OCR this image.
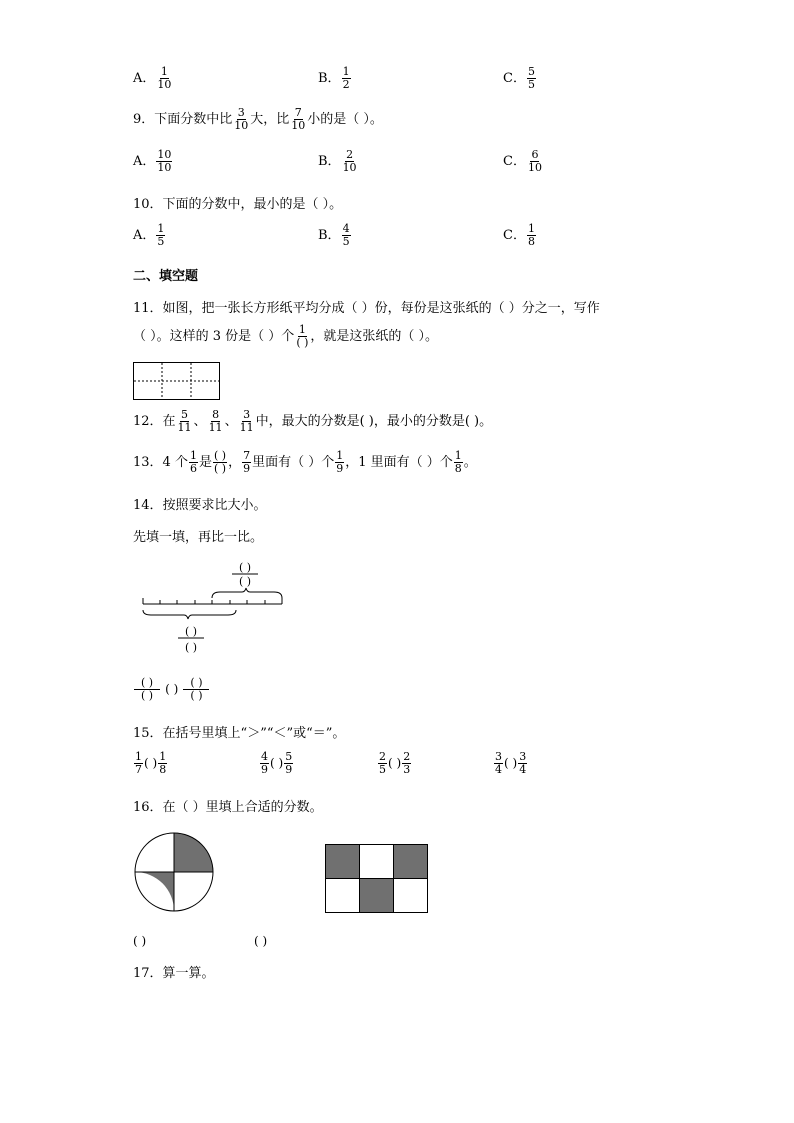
A． $\frac{1}{10}$	B． $\frac{1}{2}$	C． $\frac{5}{5}$
9．下面分数中比 $\frac{3}{10}$ 大，比 $\frac{7}{10}$ 小的是（ ）。
A． $\frac{10}{10}$	B． $\frac{2}{10}$	C． $\frac{6}{10}$
10．下面的分数中，最小的是（ ）。
A． $\frac{1}{5}$	B． $\frac{4}{5}$	C． $\frac{1}{8}$
二、填空题
11．如图，把一张长方形纸平均分成（ ）份，每份是这张纸的（ ）分之一，写作
（ ）。这样的 3 份是（ ）个 $\frac{1}{( )}$ ，就是这张纸的（ ）。
12．在 $\frac{5}{11}$ 、 $\frac{8}{11}$ 、 $\frac{3}{11}$ 中，最大的分数是( )，最小的分数是( )。
13．4 个 $\frac{1}{6}$ 是 $\frac{( )}{( )}$ ， $\frac{7}{9}$ 里面有（ ）个 $\frac{1}{9}$ ，1 里面有（ ）个 $\frac{1}{8}$ 。
14．按照要求比大小。
先填一填，再比一比。
( )
( )
( )
( )
$\frac{( )}{( )}$ ( ) $\frac{( )}{( )}$
15．在括号里填上“＞”“＜”或“＝”。
$\frac{1}{7}$ ( ) $\frac{1}{8}$	$\frac{4}{9}$ ( ) $\frac{5}{9}$	$\frac{2}{5}$ ( ) $\frac{2}{3}$	$\frac{3}{4}$ ( ) $\frac{3}{4}$
16．在（ ）里填上合适的分数。
( )	( )
17．算一算。
